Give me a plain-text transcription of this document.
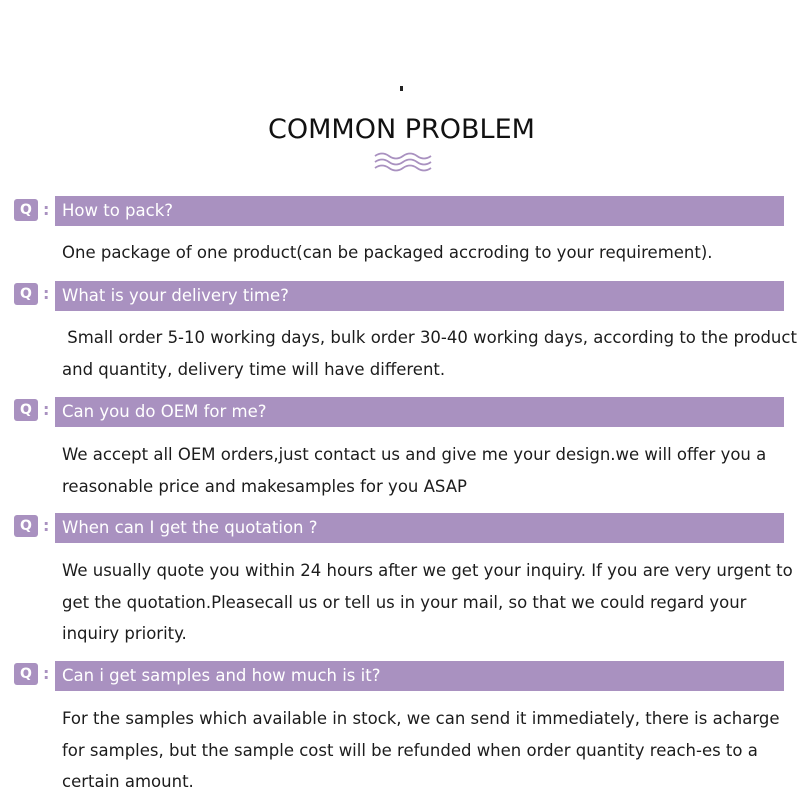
COMMON PROBLEM
Q : How to pack?
One package of one product(can be packaged accroding to your requirement).
Q : What is your delivery time?
Small order 5-10 working days, bulk order 30-40 working days, according to the product and quantity, delivery time will have different.
Q : Can you do OEM for me?
We accept all OEM orders,just contact us and give me your design.we will offer you a reasonable price and makesamples for you ASAP
Q : When can I get the quotation ?
We usually quote you within 24 hours after we get your inquiry. If you are very urgent to get the quotation.Pleasecall us or tell us in your mail, so that we could regard your inquiry priority.
Q : Can i get samples and how much is it?
For the samples which available in stock, we can send it immediately, there is acharge for samples, but the sample cost will be refunded when order quantity reach-es to a certain amount.
